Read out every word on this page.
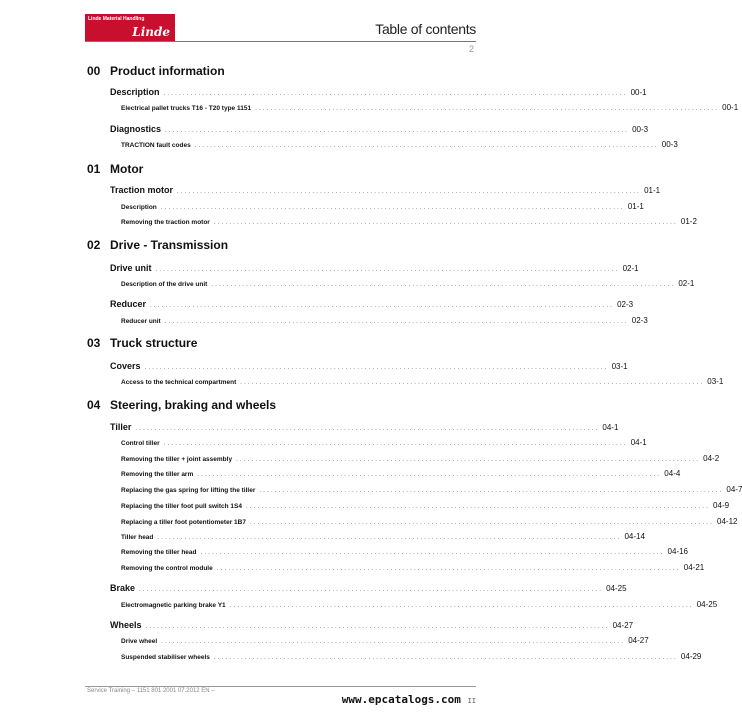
Linde Material Handling
Linde	Table of contents
2
00 Product information
Description ........................................................................................................................ 00-1
Electrical pallet trucks T16 - T20 type 1151 ........................................................................................................................ 00-1
Diagnostics ........................................................................................................................ 00-3
TRACTION fault codes ........................................................................................................................ 00-3
01 Motor
Traction motor ........................................................................................................................ 01-1
Description ........................................................................................................................ 01-1
Removing the traction motor ........................................................................................................................ 01-2
02 Drive - Transmission
Drive unit ........................................................................................................................ 02-1
Description of the drive unit ........................................................................................................................ 02-1
Reducer ........................................................................................................................ 02-3
Reducer unit ........................................................................................................................ 02-3
03 Truck structure
Covers ........................................................................................................................ 03-1
Access to the technical compartment ........................................................................................................................ 03-1
04 Steering, braking and wheels
Tiller ........................................................................................................................ 04-1
Control tiller ........................................................................................................................ 04-1
Removing the tiller + joint assembly ........................................................................................................................ 04-2
Removing the tiller arm ........................................................................................................................ 04-4
Replacing the gas spring for lifting the tiller ........................................................................................................................ 04-7
Replacing the tiller foot pull switch 1S4 ........................................................................................................................ 04-9
Replacing a tiller foot potentiometer 1B7 ........................................................................................................................ 04-12
Tiller head ........................................................................................................................ 04-14
Removing the tiller head ........................................................................................................................ 04-16
Removing the control module ........................................................................................................................ 04-21
Brake ........................................................................................................................ 04-25
Electromagnetic parking brake Y1 ........................................................................................................................ 04-25
Wheels ........................................................................................................................ 04-27
Drive wheel ........................................................................................................................ 04-27
Suspended stabiliser wheels ........................................................................................................................ 04-29
Service Training – 1151 801 2001 07.2012 EN –
www.epcatalogs.com II
